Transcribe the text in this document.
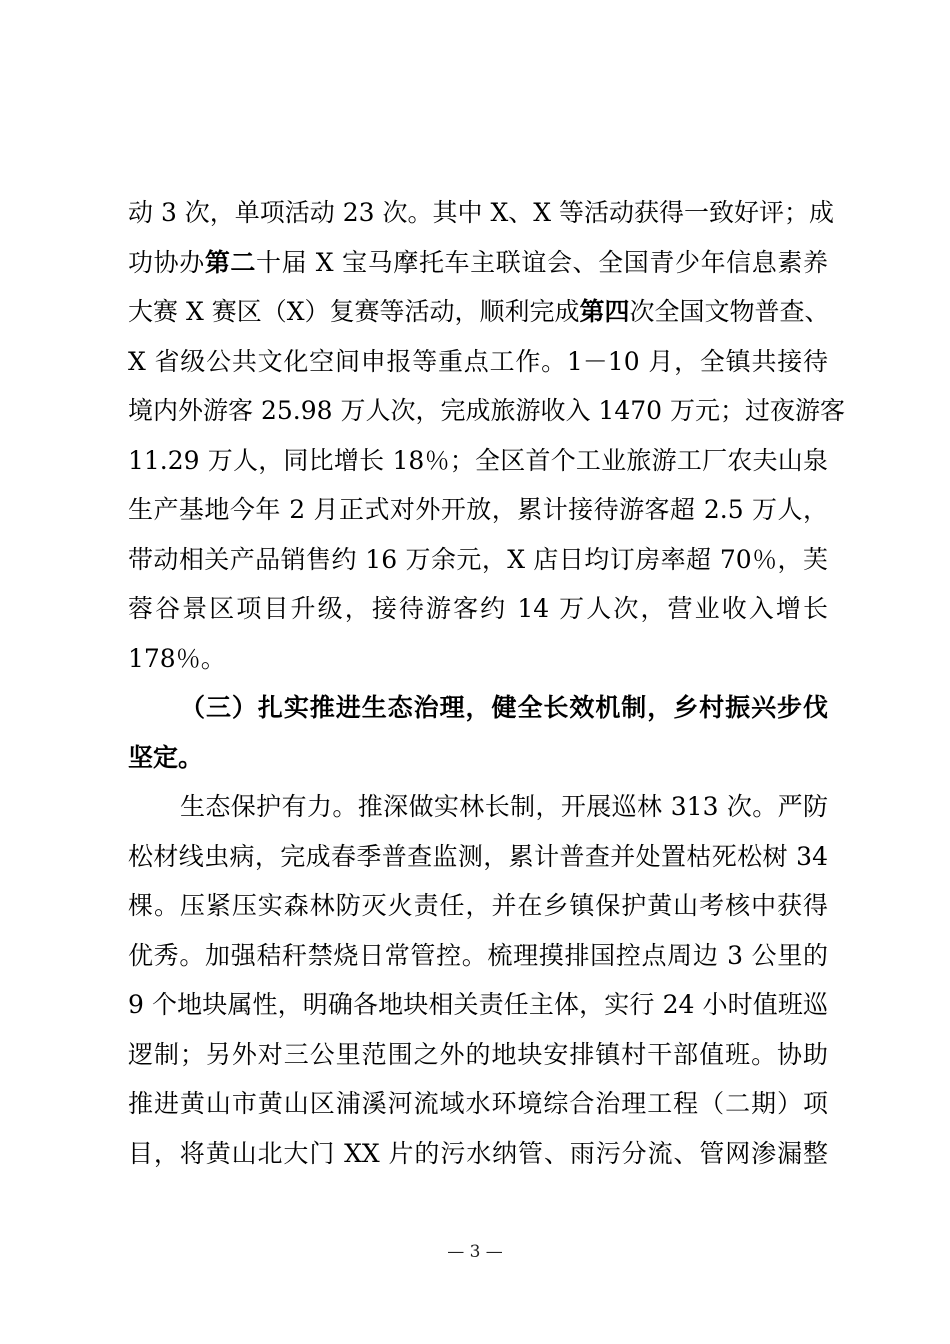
动 3 次，单项活动 23 次。其中 X、X 等活动获得一致好评；成
功协办第二十届 X 宝马摩托车主联谊会、全国青少年信息素养
大赛 X 赛区（X）复赛等活动，顺利完成第四次全国文物普查、
X 省级公共文化空间申报等重点工作。1－10 月，全镇共接待
境内外游客 25.98 万人次，完成旅游收入 1470 万元；过夜游客
11.29 万人，同比增长 18％；全区首个工业旅游工厂农夫山泉
生产基地今年 2 月正式对外开放，累计接待游客超 2.5 万人，
带动相关产品销售约 16 万余元，X 店日均订房率超 70％，芙
蓉谷景区项目升级，接待游客约 14 万人次，营业收入增长
178％。
（三）扎实推进生态治理，健全长效机制，乡村振兴步伐
坚定。
生态保护有力。推深做实林长制，开展巡林 313 次。严防
松材线虫病，完成春季普查监测，累计普查并处置枯死松树 34
棵。压紧压实森林防灭火责任，并在乡镇保护黄山考核中获得
优秀。加强秸秆禁烧日常管控。梳理摸排国控点周边 3 公里的
9 个地块属性，明确各地块相关责任主体，实行 24 小时值班巡
逻制；另外对三公里范围之外的地块安排镇村干部值班。协助
推进黄山市黄山区浦溪河流域水环境综合治理工程（二期）项
目，将黄山北大门 XX 片的污水纳管、雨污分流、管网渗漏整
— 3 —
